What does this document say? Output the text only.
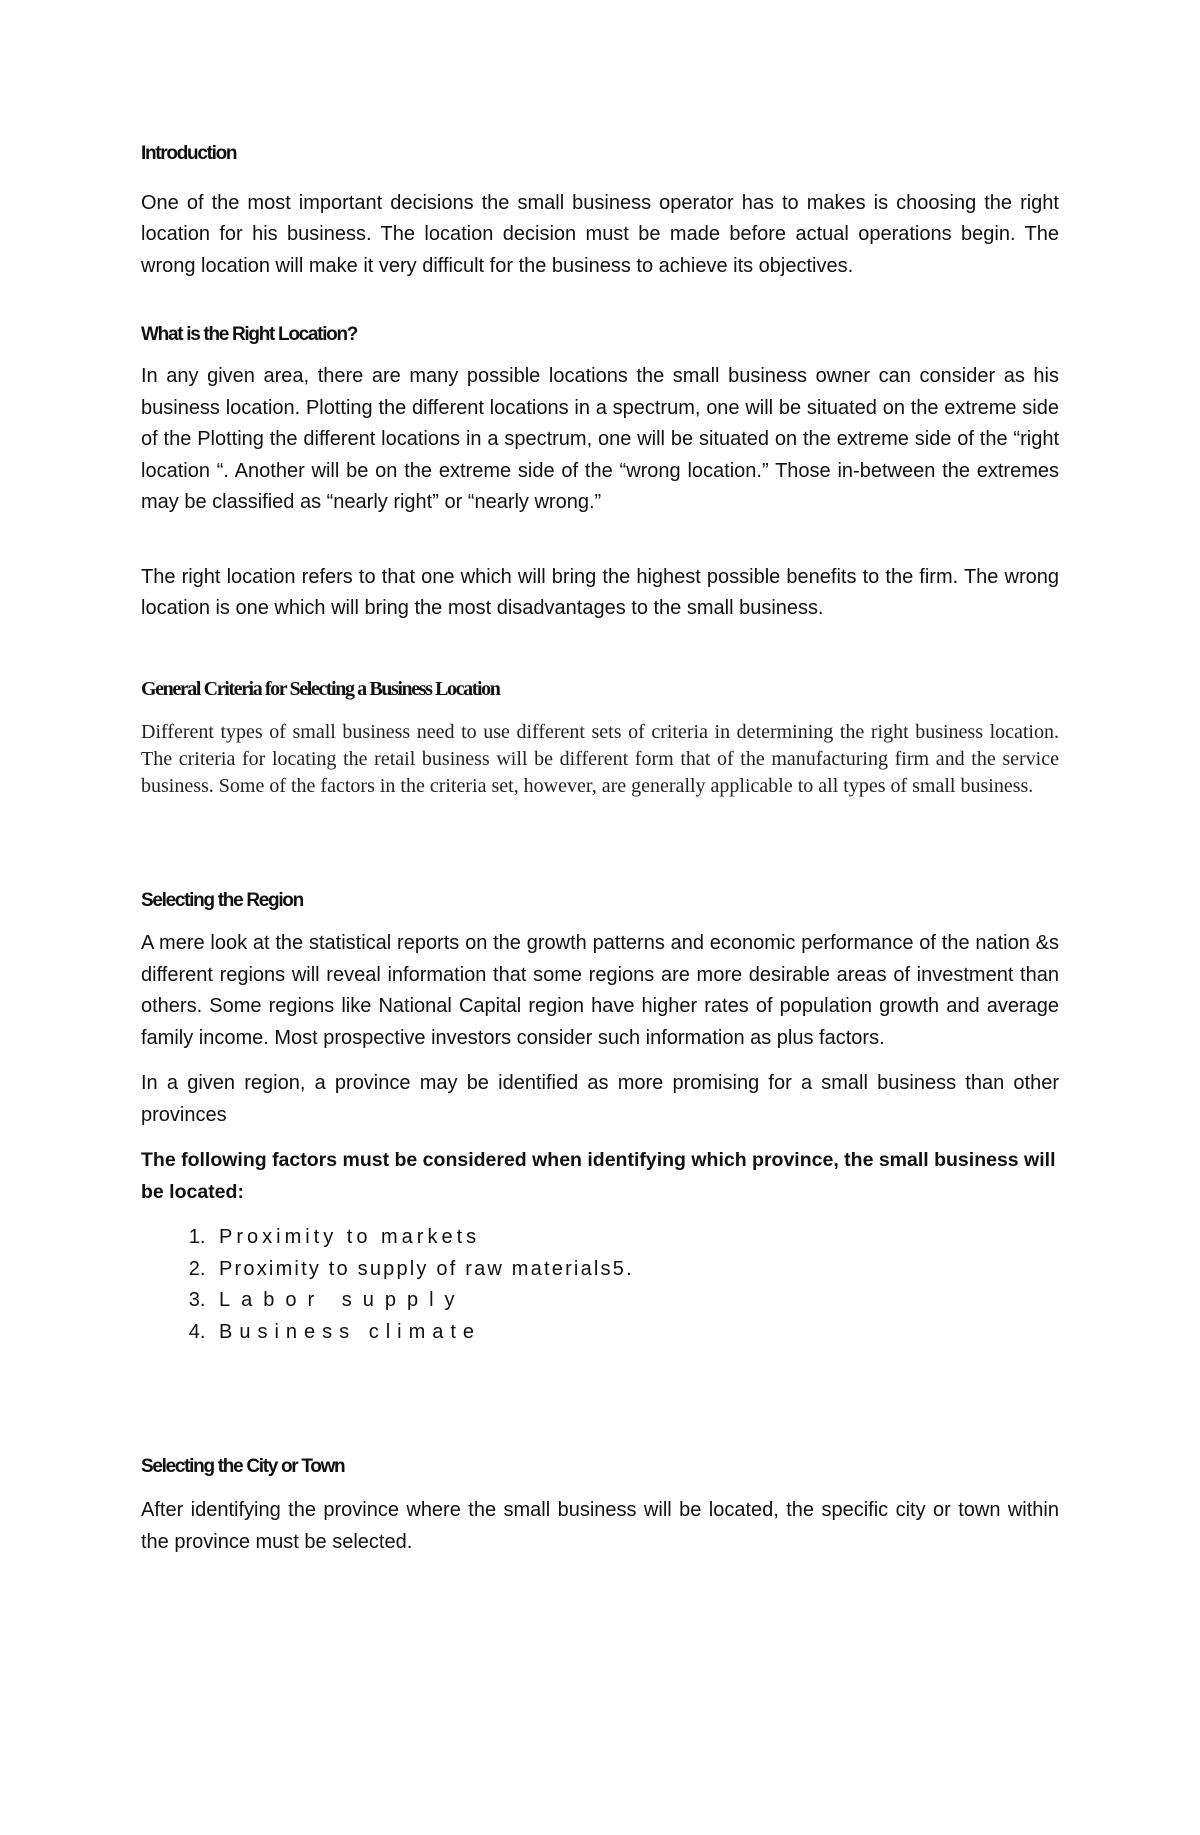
Introduction

One of the most important decisions the small business operator has to makes is choosing the right location for his business. The location decision must be made before actual operations begin. The wrong location will make it very difficult for the business to achieve its objectives.

What is the Right Location?

In any given area, there are many possible locations the small business owner can consider as his business location. Plotting the different locations in a spectrum, one will be situated on the extreme side of the Plotting the different locations in a spectrum, one will be situated on the extreme side of the “right location “. Another will be on the extreme side of the “wrong location.” Those in-between the extremes may be classified as “nearly right” or “nearly wrong.”

The right location refers to that one which will bring the highest possible benefits to the firm. The wrong location is one which will bring the most disadvantages to the small business.

General Criteria for Selecting a Business Location

Different types of small business need to use different sets of criteria in determining the right business location. The criteria for locating the retail business will be different form that of the manufacturing firm and the service business. Some of the factors in the criteria set, however, are generally applicable to all types of small business.

Selecting the Region

A mere look at the statistical reports on the growth patterns and economic performance of the nation &s different regions will reveal information that some regions are more desirable areas of investment than others. Some regions like National Capital region have higher rates of population growth and average family income. Most prospective investors consider such information as plus factors.

In a given region, a province may be identified as more promising for a small business than other provinces

The following factors must be considered when identifying which province, the small business will be located:

1. Proximity to markets
2. Proximity to supply of raw materials5.
3. Labor supply
4. Business climate
Selecting the City or Town

After identifying the province where the small business will be located, the specific city or town within the province must be selected.
